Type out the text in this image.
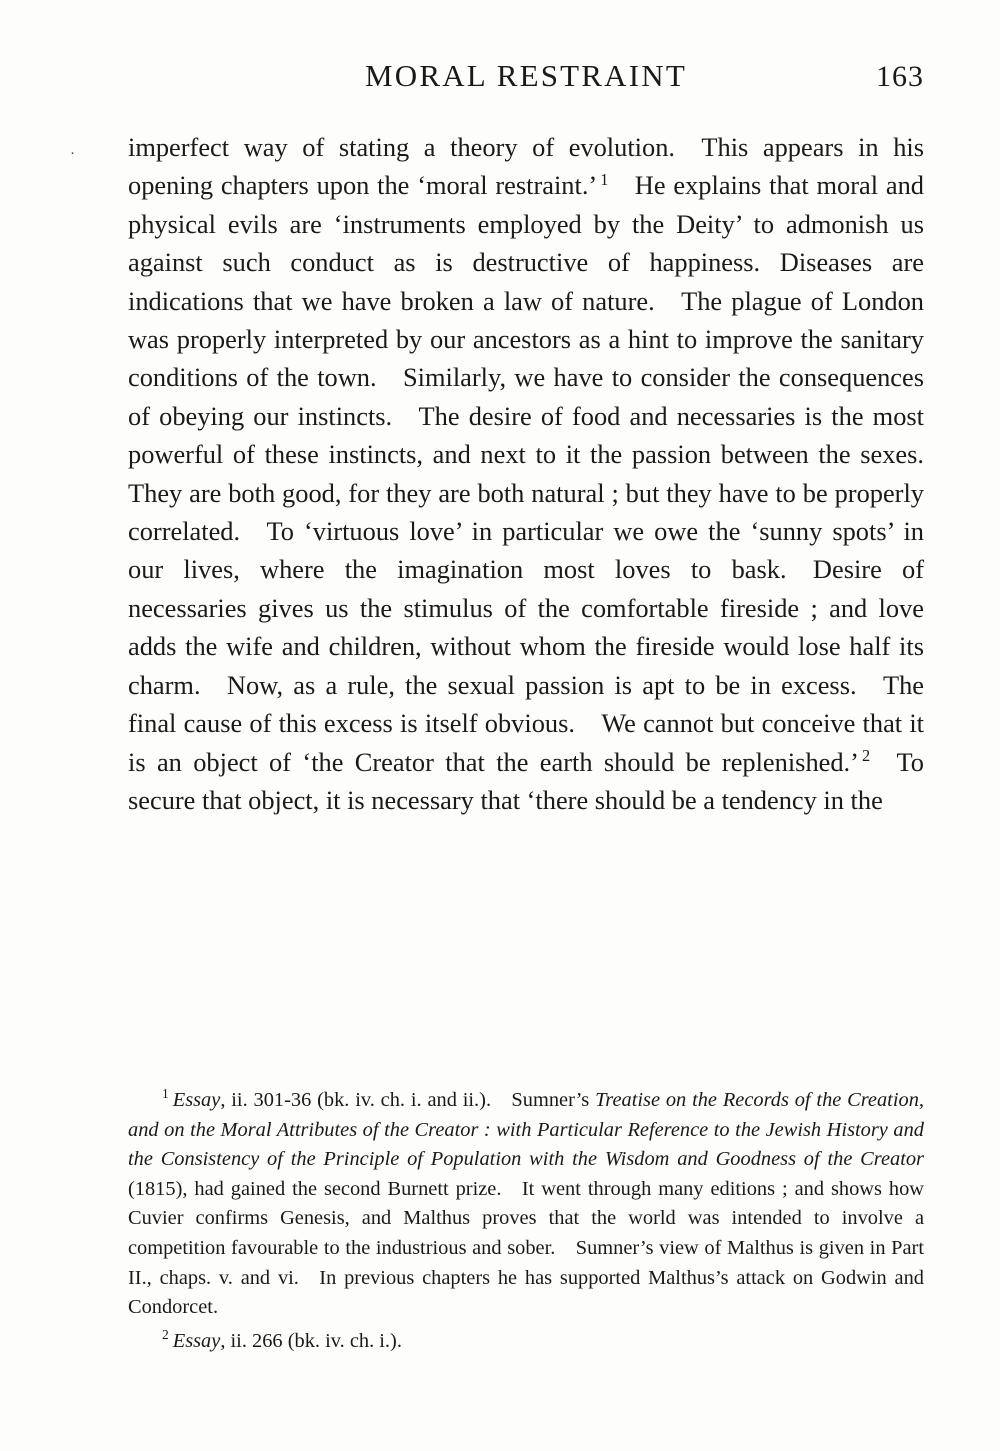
MORAL RESTRAINT	163
· imperfect way of stating a theory of evolution. This appears in his opening chapters upon the ‘moral restraint.’ $^1$ He explains that moral and physical evils are ‘instruments employed by the Deity’ to admonish us against such conduct as is destructive of happiness. Diseases are indications that we have broken a law of nature. The plague of London was properly interpreted by our ancestors as a hint to improve the sanitary conditions of the town. Similarly, we have to consider the consequences of obeying our instincts. The desire of food and necessaries is the most powerful of these instincts, and next to it the passion between the sexes. They are both good, for they are both natural ; but they have to be properly correlated. To ‘virtuous love’ in particular we owe the ‘sunny spots’ in our lives, where the imagination most loves to bask. Desire of necessaries gives us the stimulus of the comfortable fireside ; and love adds the wife and children, without whom the fireside would lose half its charm. Now, as a rule, the sexual passion is apt to be in excess. The final cause of this excess is itself obvious. We cannot but conceive that it is an object of ‘the Creator that the earth should be replenished.’ $^2$ To secure that object, it is necessary that ‘there should be a tendency in the

$^1$ Essay, ii. 301-36 (bk. iv. ch. i. and ii.). Sumner’s Treatise on the Records of the Creation, and on the Moral Attributes of the Creator : with Particular Reference to the Jewish History and the Consistency of the Principle of Population with the Wisdom and Goodness of the Creator (1815), had gained the second Burnett prize. It went through many editions ; and shows how Cuvier confirms Genesis, and Malthus proves that the world was intended to involve a competition favourable to the industrious and sober. Sumner’s view of Malthus is given in Part II., chaps. v. and vi. In previous chapters he has supported Malthus’s attack on Godwin and Condorcet.

$^2$ Essay, ii. 266 (bk. iv. ch. i.).
